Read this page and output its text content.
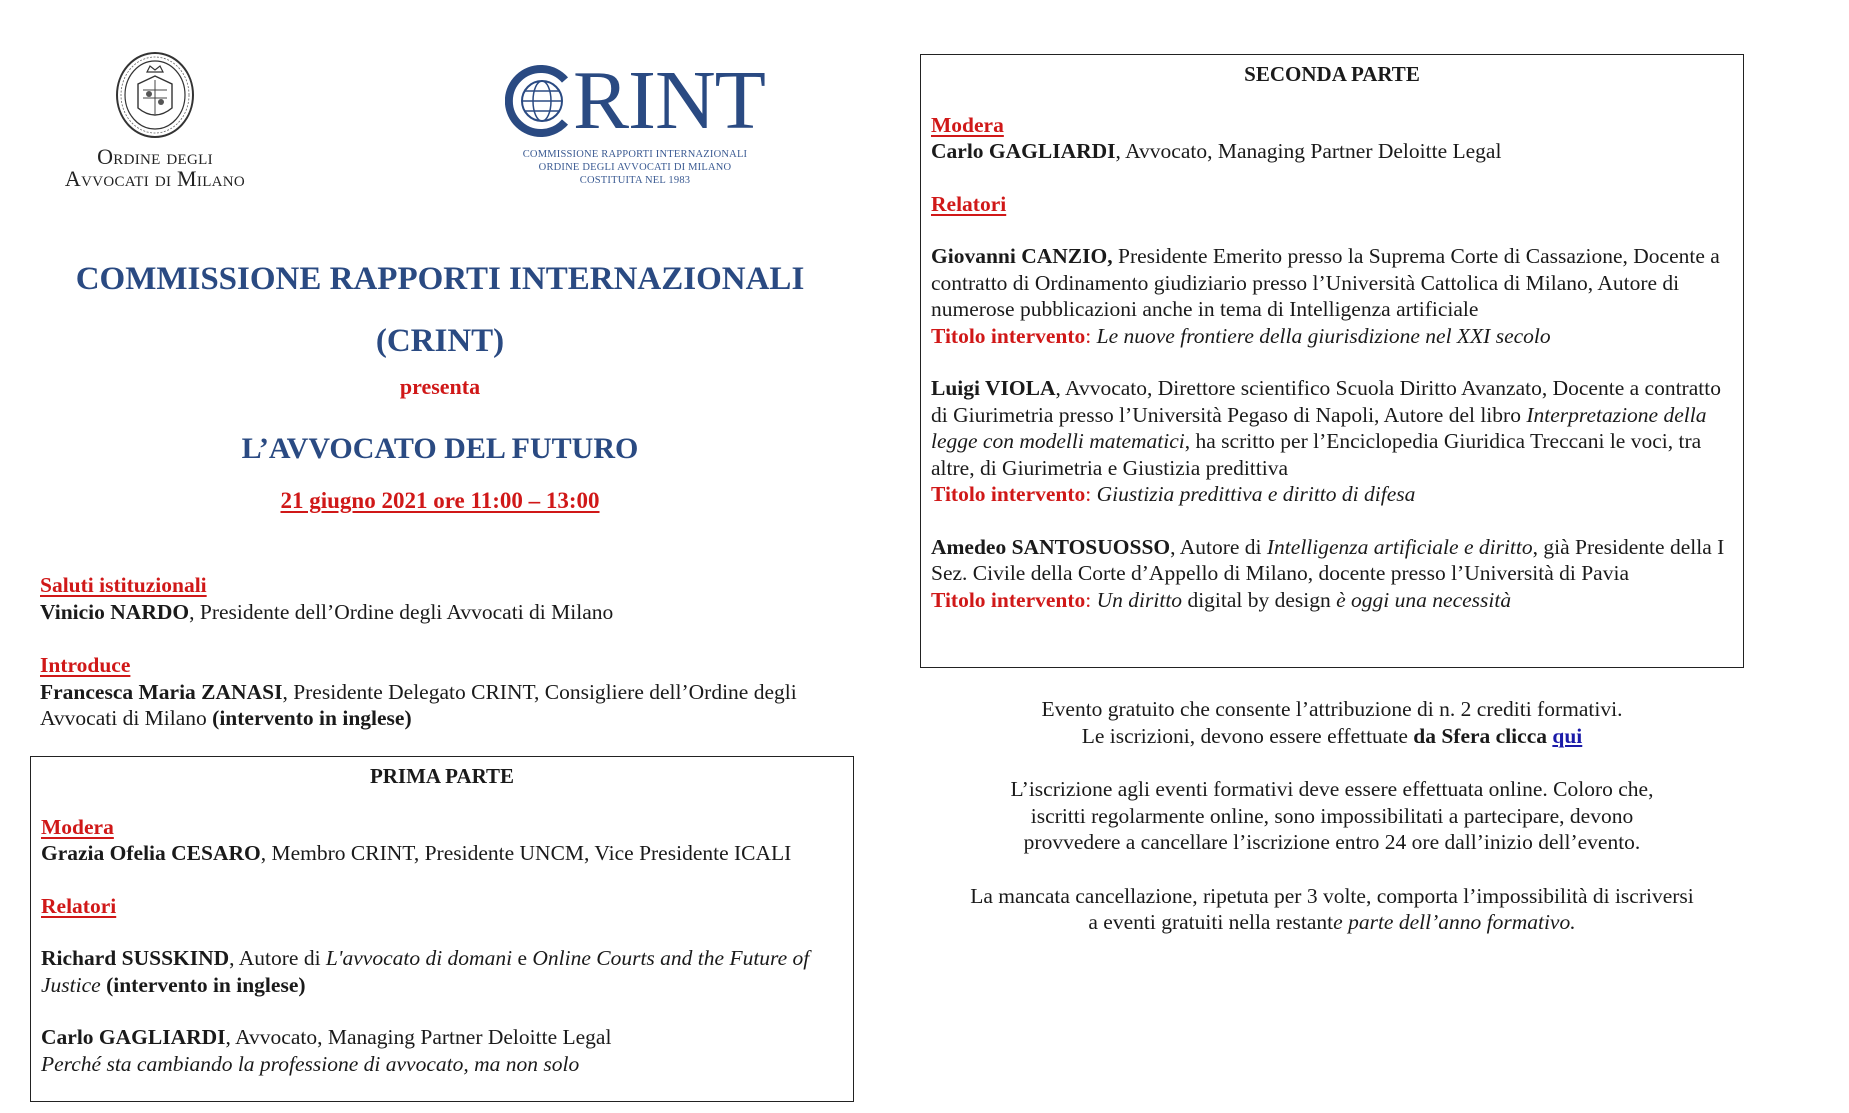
Ordine degli
Avvocati di Milano
RINT
COMMISSIONE RAPPORTI INTERNAZIONALI
ORDINE DEGLI AVVOCATI DI MILANO
COSTITUITA NEL 1983
COMMISSIONE RAPPORTI INTERNAZIONALI
(CRINT)
presenta
L’AVVOCATO DEL FUTURO
21 giugno 2021 ore 11:00 – 13:00
Saluti istituzionali
Vinicio NARDO, Presidente dell’Ordine degli Avvocati di Milano
Introduce
Francesca Maria ZANASI, Presidente Delegato CRINT, Consigliere dell’Ordine degli Avvocati di Milano (intervento in inglese)
PRIMA PARTE
Modera
Grazia Ofelia CESARO, Membro CRINT, Presidente UNCM, Vice Presidente ICALI
Relatori
Richard SUSSKIND, Autore di L'avvocato di domani e Online Courts and the Future of Justice (intervento in inglese)
Carlo GAGLIARDI, Avvocato, Managing Partner Deloitte Legal
Perché sta cambiando la professione di avvocato, ma non solo
SECONDA PARTE
Modera
Carlo GAGLIARDI, Avvocato, Managing Partner Deloitte Legal
Relatori
Giovanni CANZIO, Presidente Emerito presso la Suprema Corte di Cassazione, Docente a contratto di Ordinamento giudiziario presso l’Università Cattolica di Milano, Autore di numerose pubblicazioni anche in tema di Intelligenza artificiale
Titolo intervento: Le nuove frontiere della giurisdizione nel XXI secolo
Luigi VIOLA, Avvocato, Direttore scientifico Scuola Diritto Avanzato, Docente a contratto di Giurimetria presso l’Università Pegaso di Napoli, Autore del libro Interpretazione della legge con modelli matematici, ha scritto per l’Enciclopedia Giuridica Treccani le voci, tra altre, di Giurimetria e Giustizia predittiva
Titolo intervento: Giustizia predittiva e diritto di difesa
Amedeo SANTOSUOSSO, Autore di Intelligenza artificiale e diritto, già Presidente della I Sez. Civile della Corte d’Appello di Milano, docente presso l’Università di Pavia
Titolo intervento: Un diritto digital by design è oggi una necessità
Evento gratuito che consente l’attribuzione di n. 2 crediti formativi.
Le iscrizioni, devono essere effettuate da Sfera clicca qui
L’iscrizione agli eventi formativi deve essere effettuata online. Coloro che, iscritti regolarmente online, sono impossibilitati a partecipare, devono provvedere a cancellare l’iscrizione entro 24 ore dall’inizio dell’evento.
La mancata cancellazione, ripetuta per 3 volte, comporta l’impossibilità di iscriversi a eventi gratuiti nella restante parte dell’anno formativo.
